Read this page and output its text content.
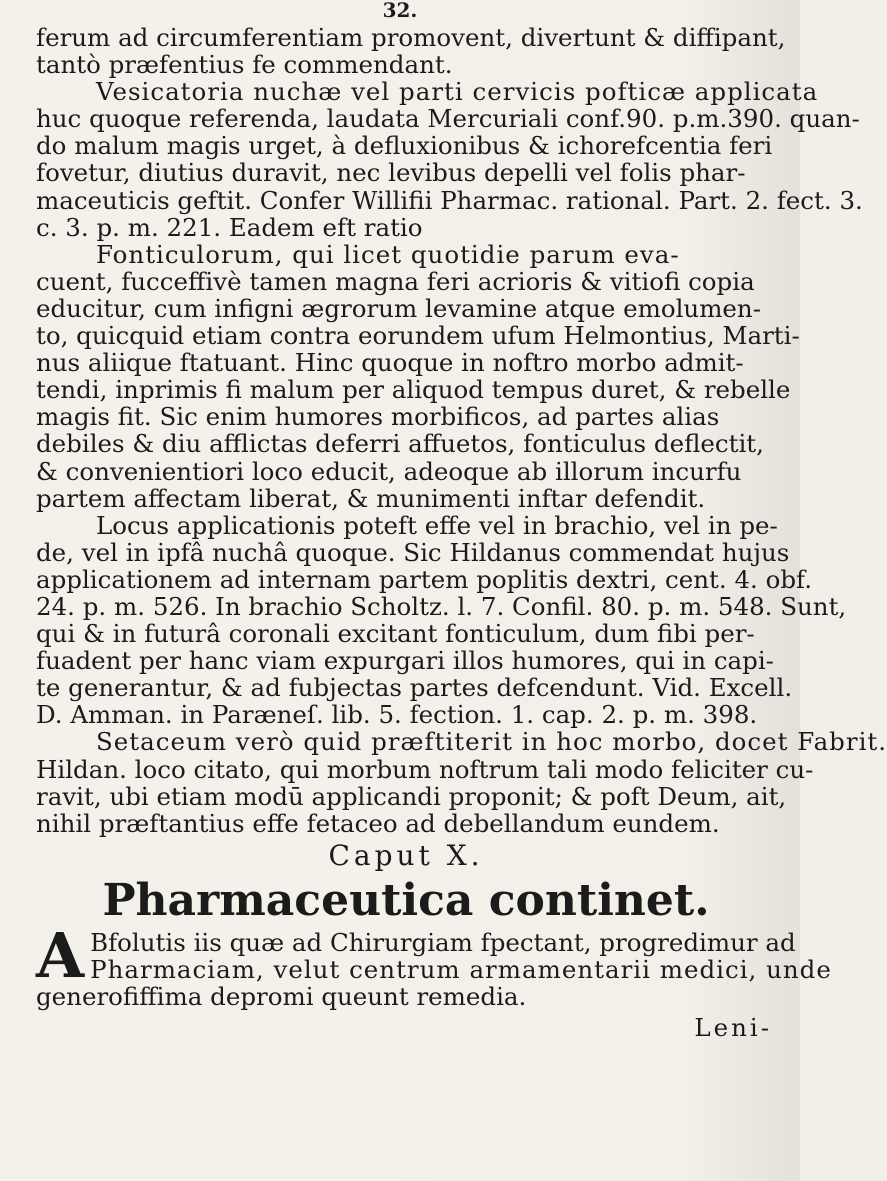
32.

ferum ad circumferentiam promovent, divertunt & diffipant,
tantò præfentius fe commendant.
Vesicatoria nuchæ vel parti cervicis pofticæ applicata
huc quoque referenda, laudata Mercuriali conf.90. p.m.390. quan-
do malum magis urget, à defluxionibus & ichorefcentia feri
fovetur, diutius duravit, nec levibus depelli vel folis phar-
maceuticis geftit. Confer Willifii Pharmac. rational. Part. 2. fect. 3.
c. 3. p. m. 221. Eadem eft ratio

Fonticulorum, qui licet quotidie parum eva-
cuent, fucceffivè tamen magna feri acrioris & vitiofi copia
educitur, cum infigni ægrorum levamine atque emolumen-
to, quicquid etiam contra eorundem ufum Helmontius, Marti-
nus aliique ftatuant. Hinc quoque in noftro morbo admit-
tendi, inprimis fi malum per aliquod tempus duret, & rebelle
magis fit. Sic enim humores morbificos, ad partes alias
debiles & diu afflictas deferri affuetos, fonticulus deflectit,
& convenientiori loco educit, adeoque ab illorum incurfu
partem affectam liberat, & munimenti inftar defendit.

Locus applicationis poteft effe vel in brachio, vel in pe-
de, vel in ipfâ nuchâ quoque. Sic Hildanus commendat hujus
applicationem ad internam partem poplitis dextri, cent. 4. obf.
24. p. m. 526. In brachio Scholtz. l. 7. Confil. 80. p. m. 548. Sunt,
qui & in futurâ coronali excitant fonticulum, dum fibi per-
fuadent per hanc viam expurgari illos humores, qui in capi-
te generantur, & ad fubjectas partes defcendunt. Vid. Excell.
D. Amman. in Paræneſ. lib. 5. fection. 1. cap. 2. p. m. 398.

Setaceum verò quid præftiterit in hoc morbo, docet Fabrit.
Hildan. loco citato, qui morbum noftrum tali modo feliciter cu-
ravit, ubi etiam modū applicandi proponit; & poft Deum, ait,
nihil præftantius effe fetaceo ad debellandum eundem.

Caput X.
Pharmaceutica continet.

A Bfolutis iis quæ ad Chirurgiam fpectant, progredimur ad
Pharmaciam, velut centrum armamentarii medici, unde
generofiffima depromi queunt remedia.

Leni-
